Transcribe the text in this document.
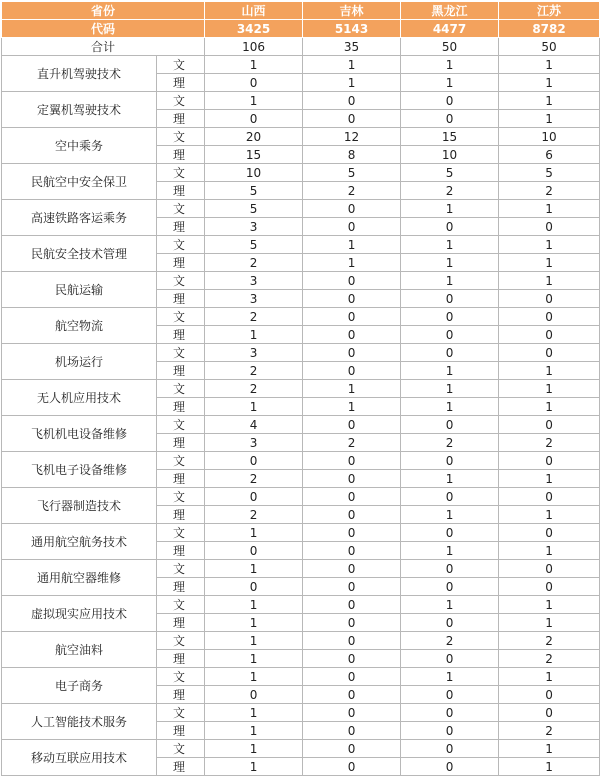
省份		山西	吉林	黑龙江	江苏
代码		3425	5143	4477	8782
合计		106	35	50	50
直升机驾驶技术	文	1	1	1	1
	理	0	1	1	1
定翼机驾驶技术	文	1	0	0	1
	理	0	0	0	1
空中乘务	文	20	12	15	10
	理	15	8	10	6
民航空中安全保卫	文	10	5	5	5
	理	5	2	2	2
高速铁路客运乘务	文	5	0	1	1
	理	3	0	0	0
民航安全技术管理	文	5	1	1	1
	理	2	1	1	1
民航运输	文	3	0	1	1
	理	3	0	0	0
航空物流	文	2	0	0	0
	理	1	0	0	0
机场运行	文	3	0	0	0
	理	2	0	1	1
无人机应用技术	文	2	1	1	1
	理	1	1	1	1
飞机机电设备维修	文	4	0	0	0
	理	3	2	2	2
飞机电子设备维修	文	0	0	0	0
	理	2	0	1	1
飞行器制造技术	文	0	0	0	0
	理	2	0	1	1
通用航空航务技术	文	1	0	0	0
	理	0	0	1	1
通用航空器维修	文	1	0	0	0
	理	0	0	0	0
虚拟现实应用技术	文	1	0	1	1
	理	1	0	0	1
航空油料	文	1	0	2	2
	理	1	0	0	2
电子商务	文	1	0	1	1
	理	0	0	0	0
人工智能技术服务	文	1	0	0	0
	理	1	0	0	2
移动互联应用技术	文	1	0	0	1
	理	1	0	0	1
